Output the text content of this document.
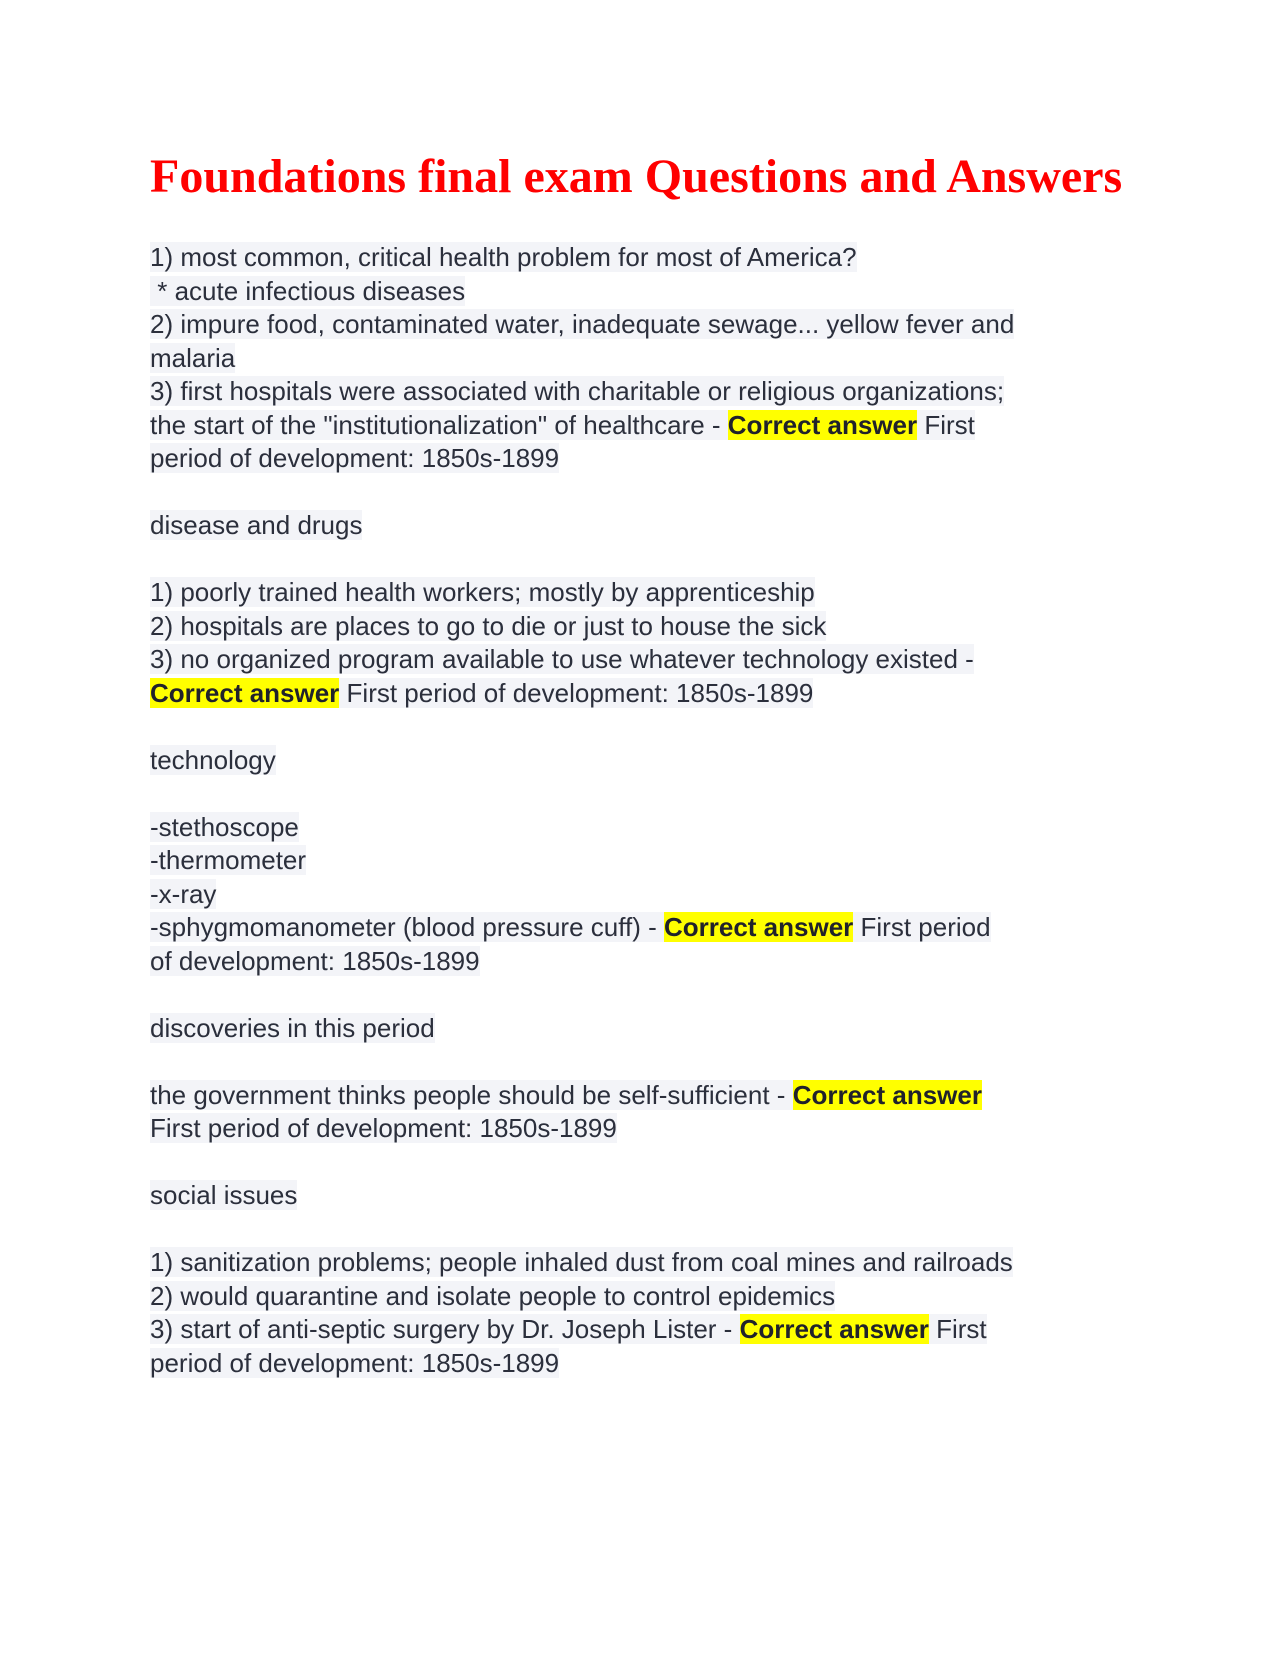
Foundations final exam Questions and Answers
1) most common, critical health problem for most of America?
* acute infectious diseases
2) impure food, contaminated water, inadequate sewage... yellow fever and
malaria
3) first hospitals were associated with charitable or religious organizations;
the start of the "institutionalization" of healthcare - Correct answer First
period of development: 1850s-1899
disease and drugs
1) poorly trained health workers; mostly by apprenticeship
2) hospitals are places to go to die or just to house the sick
3) no organized program available to use whatever technology existed -
Correct answer First period of development: 1850s-1899
technology
-stethoscope
-thermometer
-x-ray
-sphygmomanometer (blood pressure cuff) - Correct answer First period
of development: 1850s-1899
discoveries in this period
the government thinks people should be self-sufficient - Correct answer
First period of development: 1850s-1899
social issues
1) sanitization problems; people inhaled dust from coal mines and railroads
2) would quarantine and isolate people to control epidemics
3) start of anti-septic surgery by Dr. Joseph Lister - Correct answer First
period of development: 1850s-1899
